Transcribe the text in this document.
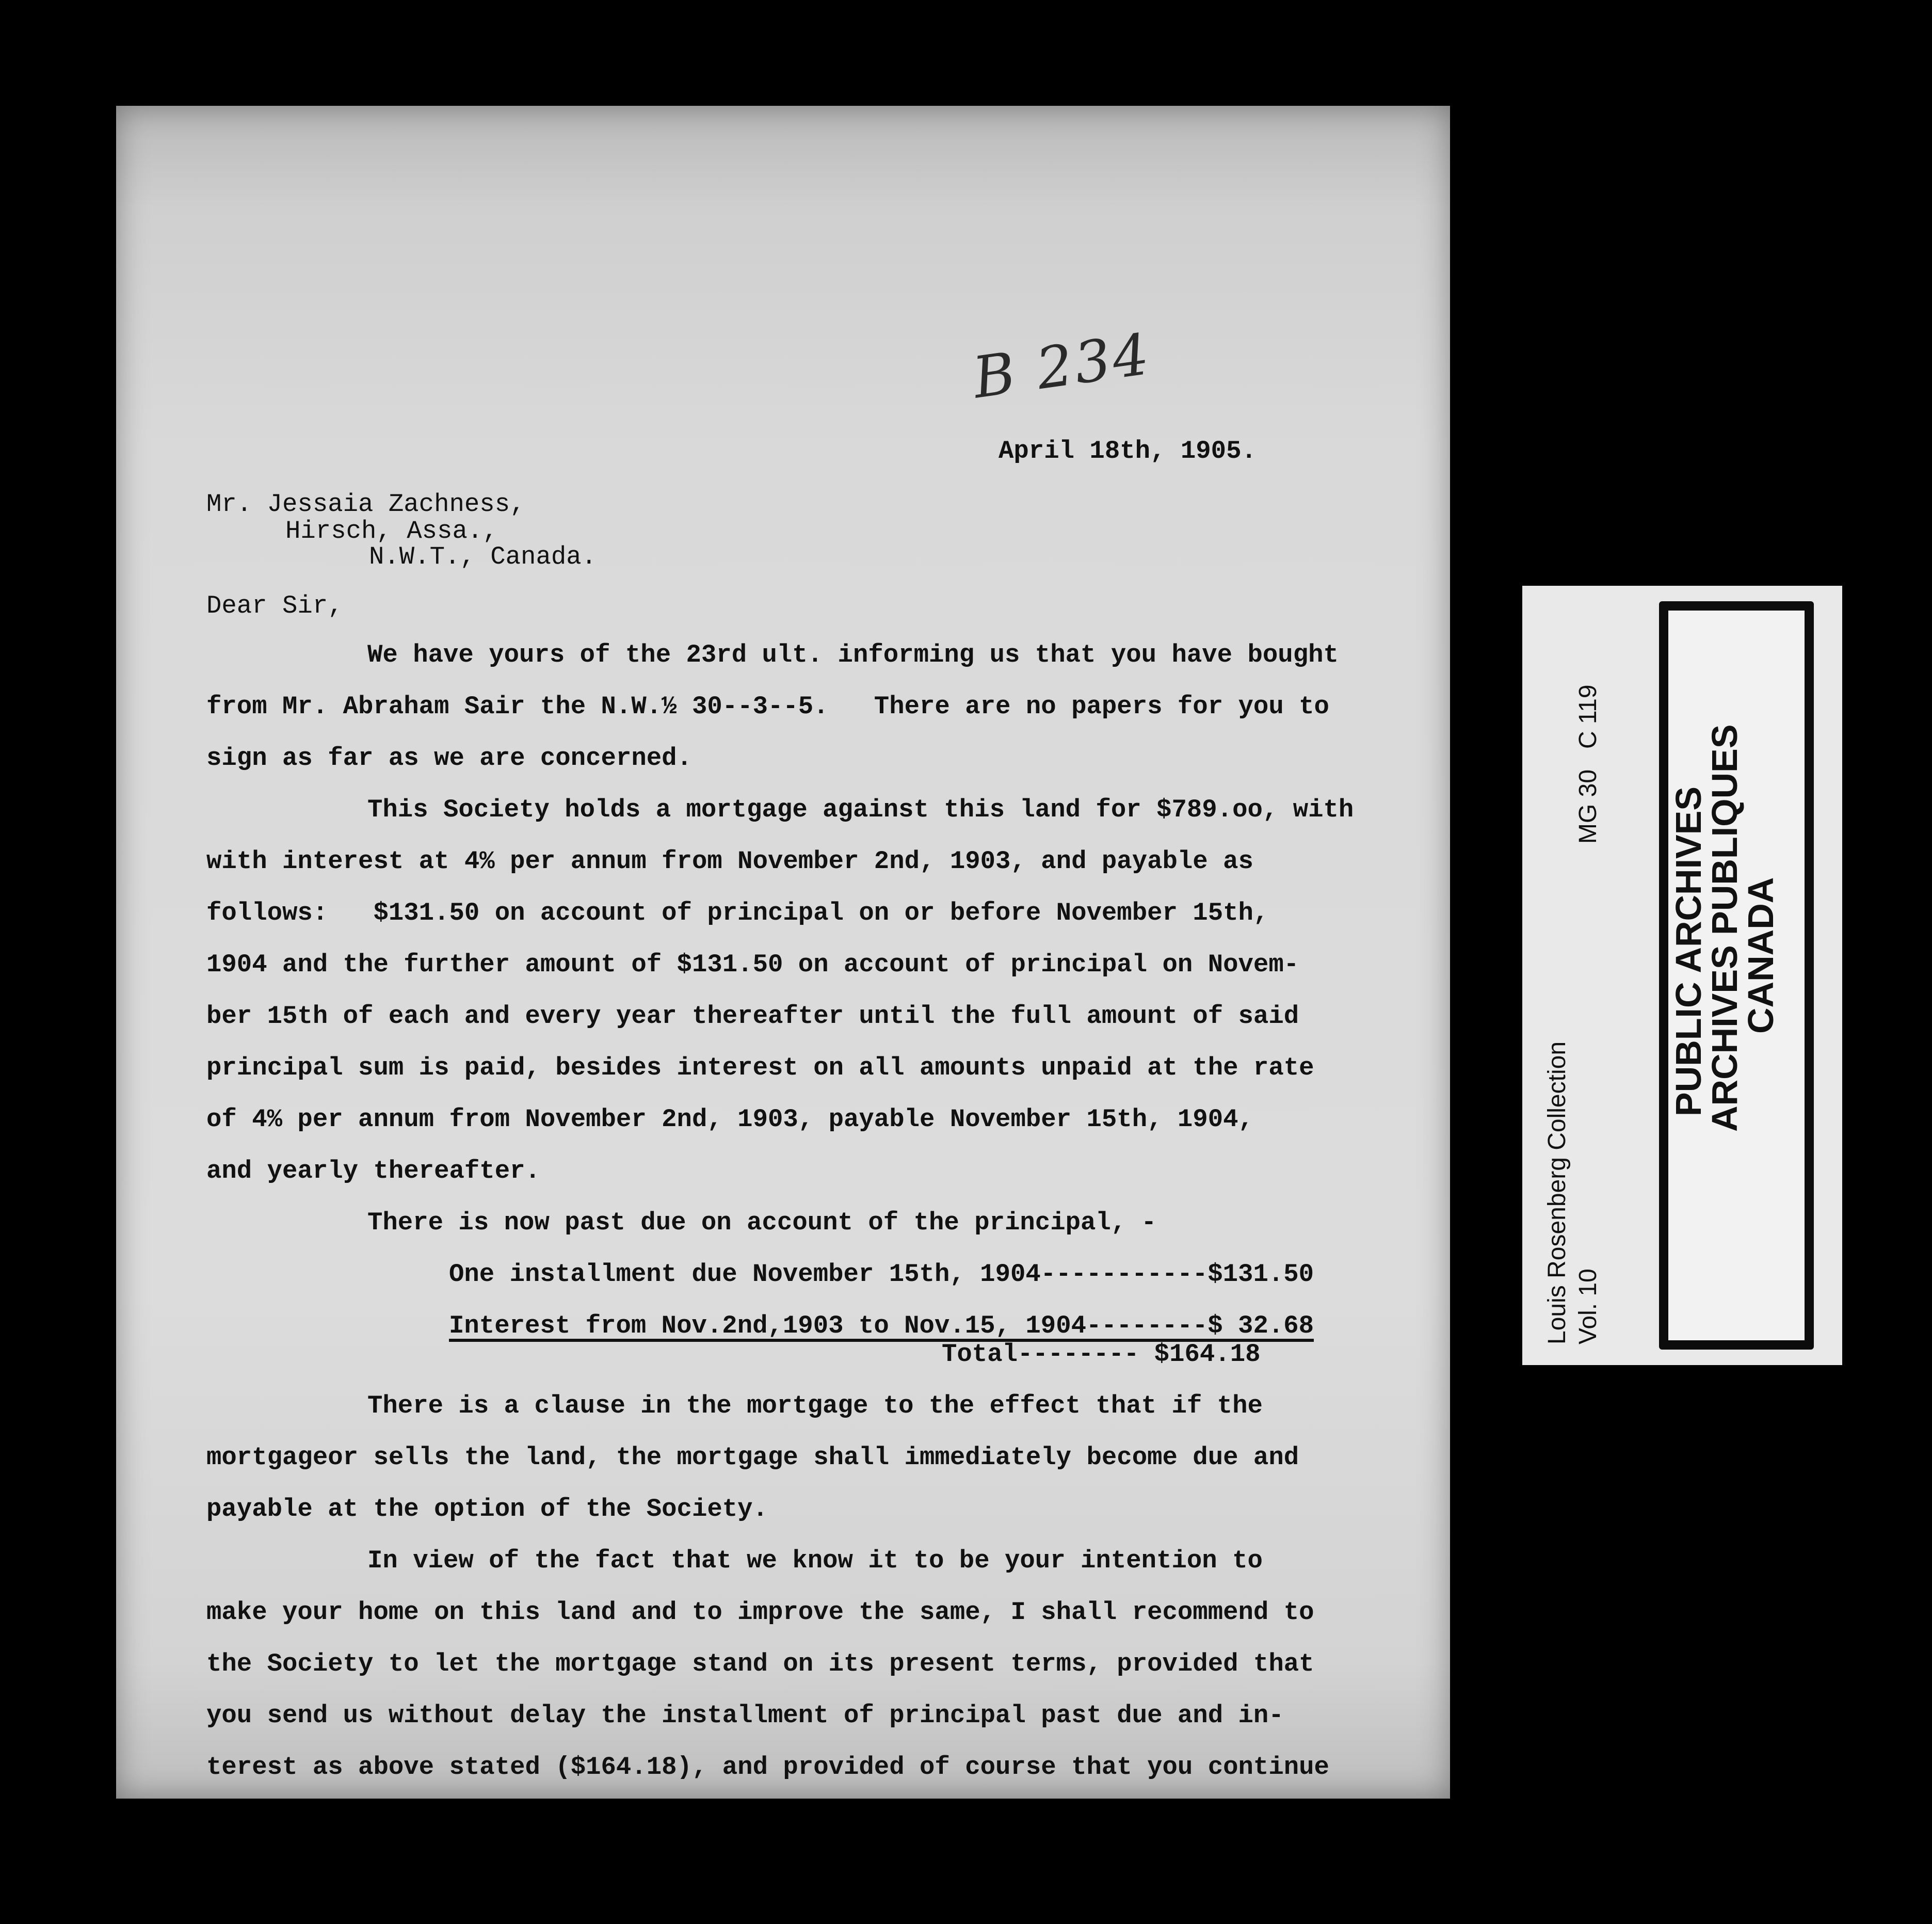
B 234
April 18th, 1905.
Mr. Jessaia Zachness,
Hirsch, Assa.,
N.W.T., Canada.
Dear Sir,
We have yours of the 23rd ult. informing us that you have bought
from Mr. Abraham Sair the N.W.½ 30--3--5.   There are no papers for you to
sign as far as we are concerned.
This Society holds a mortgage against this land for $789.oo, with
with interest at 4% per annum from November 2nd, 1903, and payable as
follows:   $131.50 on account of principal on or before November 15th,
1904 and the further amount of $131.50 on account of principal on Novem-
ber 15th of each and every year thereafter until the full amount of said
principal sum is paid, besides interest on all amounts unpaid at the rate
of 4% per annum from November 2nd, 1903, payable November 15th, 1904,
and yearly thereafter.
There is now past due on account of the principal, -
One installment due November 15th, 1904-----------$131.50
Interest from Nov.2nd,1903 to Nov.15, 1904--------$ 32.68
Total-------- $164.18
There is a clause in the mortgage to the effect that if the
mortgageor sells the land, the mortgage shall immediately become due and
payable at the option of the Society.
In view of the fact that we know it to be your intention to
make your home on this land and to improve the same, I shall recommend to
the Society to let the mortgage stand on its present terms, provided that
you send us without delay the installment of principal past due and in-
terest as above stated ($164.18), and provided of course that you continue
Louis Rosenberg Collection Vol. 10
MG 30   C 119
PUBLIC ARCHIVES
ARCHIVES PUBLIQUES
CANADA
